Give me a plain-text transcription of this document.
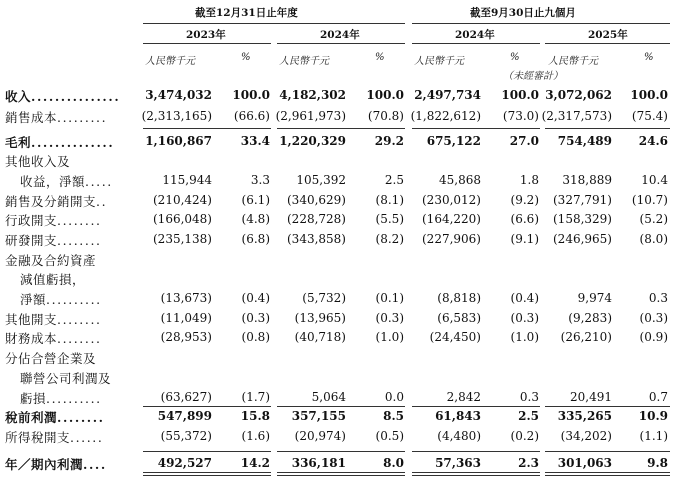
截至12月31日止年度	截至9月30日止九個月
2023年	2024年	2024年	2025年
人民幣千元	%	人民幣千元	%	人民幣千元	%	人民幣千元	%
（未經審計）
收入...............	3,474,032	100.0 4,182,302	100.0 2,497,734	100.0 3,072,062	100.0
銷售成本.........	(2,313,165)	(66.6) (2,961,973)	(70.8) (1,822,612)	(73.0) (2,317,573)	(75.4)
毛利..............	1,160,867	33.4 1,220,329	29.2	675,122	27.0	754,489	24.6
其他收入及
收益，淨額.....	115,944	3.3	105,392	2.5	45,868	1.8	318,889	10.4
銷售及分銷開支..	(210,424)	(6.1)	(340,629)	(8.1)	(230,012)	(9.2)	(327,791)	(10.7)
行政開支........	(166,048)	(4.8)	(228,728)	(5.5)	(164,220)	(6.6)	(158,329)	(5.2)
研發開支........	(235,138)	(6.8)	(343,858)	(8.2)	(227,906)	(9.1)	(246,965)	(8.0)
金融及合約資產
減值虧損，
淨額..........	(13,673)	(0.4)	(5,732)	(0.1)	(8,818)	(0.4)	9,974	0.3
其他開支........	(11,049)	(0.3)	(13,965)	(0.3)	(6,583)	(0.3)	(9,283)	(0.3)
財務成本........	(28,953)	(0.8)	(40,718)	(1.0)	(24,450)	(1.0)	(26,210)	(0.9)
分佔合營企業及
聯營公司利潤及
虧損..........	(63,627)	(1.7)	5,064	0.0	2,842	0.3	20,491	0.7
稅前利潤........	547,899	15.8	357,155	8.5	61,843	2.5	335,265	10.9
所得稅開支......	(55,372)	(1.6)	(20,974)	(0.5)	(4,480)	(0.2)	(34,202)	(1.1)
年／期內利潤....	492,527	14.2	336,181	8.0	57,363	2.3	301,063	9.8
